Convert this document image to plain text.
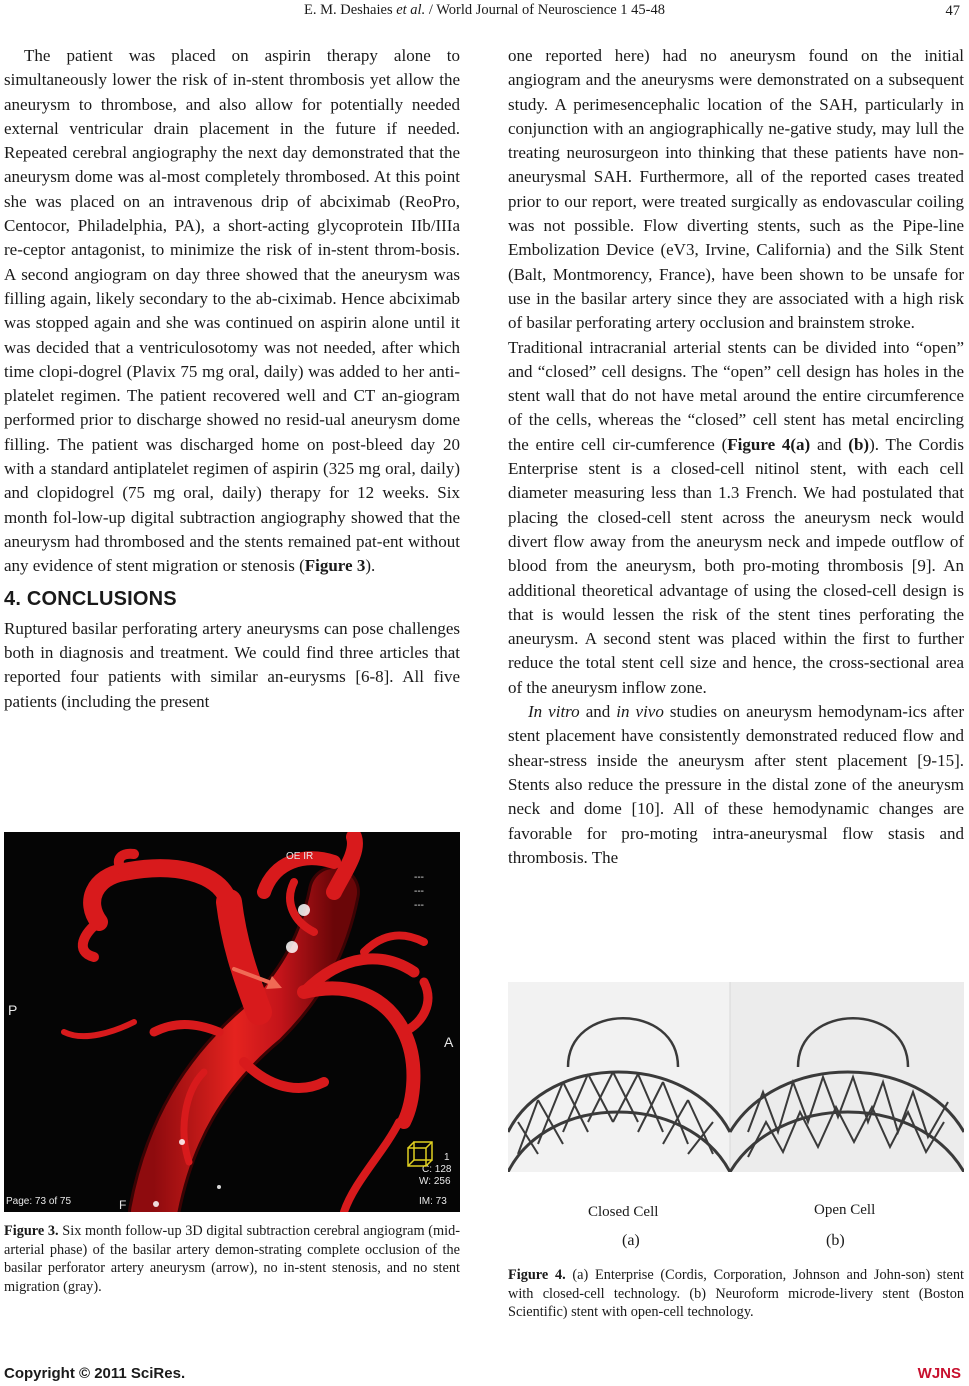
E. M. Deshaies et al. / World Journal of Neuroscience 1 45-48	47

The patient was placed on aspirin therapy alone to simultaneously lower the risk of in-stent thrombosis yet allow the aneurysm to thrombose, and also allow for potentially needed external ventricular drain placement in the future if needed. Repeated cerebral angiography the next day demonstrated that the aneurysm dome was al-most completely thrombosed. At this point she was placed on an intravenous drip of abciximab (ReoPro, Centocor, Philadelphia, PA), a short-acting glycoprotein IIb/IIIa re-ceptor antagonist, to minimize the risk of in-stent throm-bosis. A second angiogram on day three showed that the aneurysm was filling again, likely secondary to the ab-ciximab. Hence abciximab was stopped again and she was continued on aspirin alone until it was decided that a ventriculosotomy was not needed, after which time clopi-dogrel (Plavix 75 mg oral, daily) was added to her anti-platelet regimen. The patient recovered well and CT an-giogram performed prior to discharge showed no resid-ual aneurysm dome filling. The patient was discharged home on post-bleed day 20 with a standard antiplatelet regimen of aspirin (325 mg oral, daily) and clopidogrel (75 mg oral, daily) therapy for 12 weeks. Six month fol-low-up digital subtraction angiography showed that the aneurysm had thrombosed and the stents remained pat-ent without any evidence of stent migration or stenosis (Figure 3).

4. CONCLUSIONS

Ruptured basilar perforating artery aneurysms can pose challenges both in diagnosis and treatment. We could find three articles that reported four patients with similar an-eurysms [6-8]. All five patients (including the present

OE IR
---
---
---
P
A
F
Page: 73 of 75	IM: 73
W: 256
C: 128
1
Figure 3. Six month follow-up 3D digital subtraction cerebral angiogram (mid-arterial phase) of the basilar artery demon-strating complete occlusion of the basilar perforator artery aneurysm (arrow), no in-stent stenosis, and no stent migration (gray).

one reported here) had no aneurysm found on the initial angiogram and the aneurysms were demonstrated on a subsequent study. A perimesencephalic location of the SAH, particularly in conjunction with an angiographically ne-gative study, may lull the treating neurosurgeon into thinking that these patients have non-aneurysmal SAH. Furthermore, all of the reported cases treated prior to our report, were treated surgically as endovascular coiling was not possible. Flow diverting stents, such as the Pipe-line Embolization Device (eV3, Irvine, California) and the Silk Stent (Balt, Montmorency, France), have been shown to be unsafe for use in the basilar artery since they are associated with a high risk of basilar perforating artery occlusion and brainstem stroke.

Traditional intracranial arterial stents can be divided into “open” and “closed” cell designs. The “open” cell design has holes in the stent wall that do not have metal around the entire circumference of the cells, whereas the “closed” cell stent has metal encircling the entire cell cir-cumference (Figure 4(a) and (b)). The Cordis Enterprise stent is a closed-cell nitinol stent, with each cell diameter measuring less than 1.3 French. We had postulated that placing the closed-cell stent across the aneurysm neck would divert flow away from the aneurysm neck and impede outflow of blood from the aneurysm, both pro-moting thrombosis [9]. An additional theoretical advantage of using the closed-cell design is that is would lessen the risk of the stent tines perforating the aneurysm. A second stent was placed within the first to further reduce the total stent cell size and hence, the cross-sectional area of the aneurysm inflow zone.

In vitro and in vivo studies on aneurysm hemodynam-ics after stent placement have consistently demonstrated reduced flow and shear-stress inside the aneurysm after stent placement [9-15]. Stents also reduce the pressure in the distal zone of the aneurysm neck and dome [10]. All of these hemodynamic changes are favorable for pro-moting intra-aneurysmal flow stasis and thrombosis. The

Closed Cell	Open Cell
(a)	(b)
Figure 4. (a) Enterprise (Cordis, Corporation, Johnson and John-son) stent with closed-cell technology. (b) Neuroform microde-livery stent (Boston Scientific) stent with open-cell technology.
Copyright © 2011 SciRes.	WJNS
